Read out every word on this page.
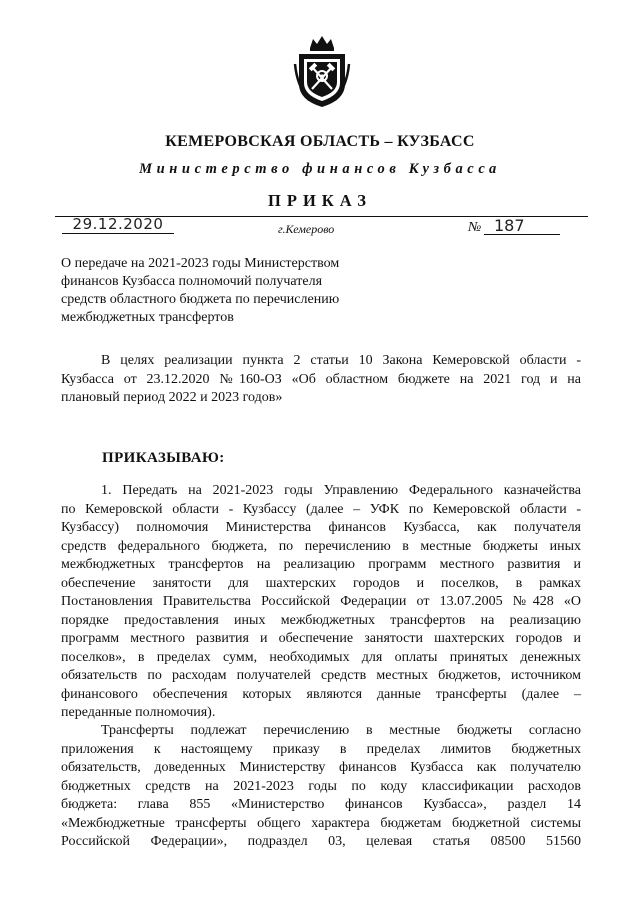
КЕМЕРОВСКАЯ ОБЛАСТЬ – КУЗБАСС
Министерство финансов Кузбасса
ПРИКАЗ
29.12.2020	г.Кемерово	№ 187

О передаче на 2021-2023 годы Министерством
финансов Кузбасса полномочий получателя
средств областного бюджета по перечислению
межбюджетных трансфертов

В целях реализации пункта 2 статьи 10 Закона Кемеровской области -
Кузбасса от 23.12.2020 №160-ОЗ «Об областном бюджете на 2021 год и на
плановый период 2022 и 2023 годов»

ПРИКАЗЫВАЮ:

1. Передать на 2021-2023 годы Управлению Федерального казначейства
по Кемеровской области - Кузбассу (далее – УФК по Кемеровской области -
Кузбассу) полномочия Министерства финансов Кузбасса, как получателя
средств федерального бюджета, по перечислению в местные бюджеты иных
межбюджетных трансфертов на реализацию программ местного развития и
обеспечение занятости для шахтерских городов и поселков, в рамках
Постановления Правительства Российской Федерации от 13.07.2005 №428 «О
порядке предоставления иных межбюджетных трансфертов на реализацию
программ местного развития и обеспечение занятости шахтерских городов и
поселков», в пределах сумм, необходимых для оплаты принятых денежных
обязательств по расходам получателей средств местных бюджетов, источником
финансового обеспечения которых являются данные трансферты (далее –
переданные полномочия).

Трансферты подлежат перечислению в местные бюджеты согласно
приложения к настоящему приказу в пределах лимитов бюджетных
обязательств, доведенных Министерству финансов Кузбасса как получателю
бюджетных средств на 2021-2023 годы по коду классификации расходов
бюджета: глава 855 «Министерство финансов Кузбасса», раздел 14
«Межбюджетные трансферты общего характера бюджетам бюджетной системы
Российской Федерации», подраздел 03, целевая статья 08500 51560
